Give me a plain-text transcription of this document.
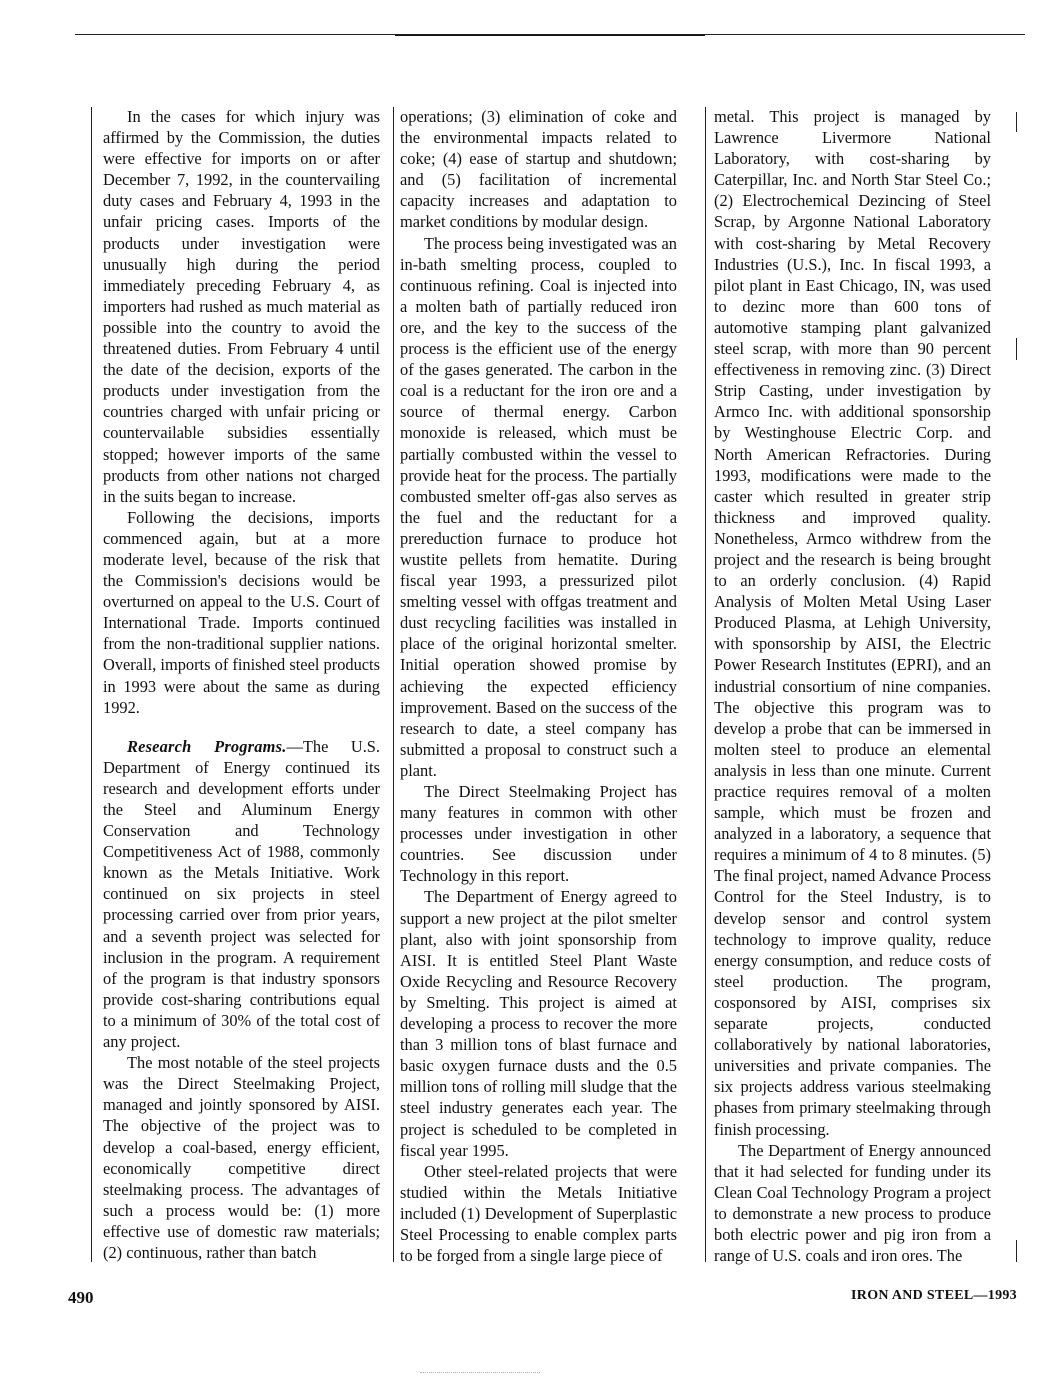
In the cases for which injury was affirmed by the Commission, the duties were effective for imports on or after December 7, 1992, in the countervailing duty cases and February 4, 1993 in the unfair pricing cases. Imports of the products under investigation were unusually high during the period immediately preceding February 4, as importers had rushed as much material as possible into the country to avoid the threatened duties. From February 4 until the date of the decision, exports of the products under investigation from the countries charged with unfair pricing or countervailable subsidies essentially stopped; however imports of the same products from other nations not charged in the suits began to increase.

Following the decisions, imports commenced again, but at a more moderate level, because of the risk that the Commission's decisions would be overturned on appeal to the U.S. Court of International Trade. Imports continued from the non-traditional supplier nations. Overall, imports of finished steel products in 1993 were about the same as during 1992.

Research Programs.—The U.S. Department of Energy continued its research and development efforts under the Steel and Aluminum Energy Conservation and Technology Competitiveness Act of 1988, commonly known as the Metals Initiative. Work continued on six projects in steel processing carried over from prior years, and a seventh project was selected for inclusion in the program. A requirement of the program is that industry sponsors provide cost-sharing contributions equal to a minimum of 30% of the total cost of any project.

The most notable of the steel projects was the Direct Steelmaking Project, managed and jointly sponsored by AISI. The objective of the project was to develop a coal-based, energy efficient, economically competitive direct steelmaking process. The advantages of such a process would be: (1) more effective use of domestic raw materials; (2) continuous, rather than batch

operations; (3) elimination of coke and the environmental impacts related to coke; (4) ease of startup and shutdown; and (5) facilitation of incremental capacity increases and adaptation to market conditions by modular design.

The process being investigated was an in-bath smelting process, coupled to continuous refining. Coal is injected into a molten bath of partially reduced iron ore, and the key to the success of the process is the efficient use of the energy of the gases generated. The carbon in the coal is a reductant for the iron ore and a source of thermal energy. Carbon monoxide is released, which must be partially combusted within the vessel to provide heat for the process. The partially combusted smelter off-gas also serves as the fuel and the reductant for a prereduction furnace to produce hot wustite pellets from hematite. During fiscal year 1993, a pressurized pilot smelting vessel with offgas treatment and dust recycling facilities was installed in place of the original horizontal smelter. Initial operation showed promise by achieving the expected efficiency improvement. Based on the success of the research to date, a steel company has submitted a proposal to construct such a plant.

The Direct Steelmaking Project has many features in common with other processes under investigation in other countries. See discussion under Technology in this report.

The Department of Energy agreed to support a new project at the pilot smelter plant, also with joint sponsorship from AISI. It is entitled Steel Plant Waste Oxide Recycling and Resource Recovery by Smelting. This project is aimed at developing a process to recover the more than 3 million tons of blast furnace and basic oxygen furnace dusts and the 0.5 million tons of rolling mill sludge that the steel industry generates each year. The project is scheduled to be completed in fiscal year 1995.

Other steel-related projects that were studied within the Metals Initiative included (1) Development of Superplastic Steel Processing to enable complex parts to be forged from a single large piece of

metal. This project is managed by Lawrence Livermore National Laboratory, with cost-sharing by Caterpillar, Inc. and North Star Steel Co.; (2) Electrochemical Dezincing of Steel Scrap, by Argonne National Laboratory with cost-sharing by Metal Recovery Industries (U.S.), Inc. In fiscal 1993, a pilot plant in East Chicago, IN, was used to dezinc more than 600 tons of automotive stamping plant galvanized steel scrap, with more than 90 percent effectiveness in removing zinc. (3) Direct Strip Casting, under investigation by Armco Inc. with additional sponsorship by Westinghouse Electric Corp. and North American Refractories. During 1993, modifications were made to the caster which resulted in greater strip thickness and improved quality. Nonetheless, Armco withdrew from the project and the research is being brought to an orderly conclusion. (4) Rapid Analysis of Molten Metal Using Laser Produced Plasma, at Lehigh University, with sponsorship by AISI, the Electric Power Research Institutes (EPRI), and an industrial consortium of nine companies. The objective this program was to develop a probe that can be immersed in molten steel to produce an elemental analysis in less than one minute. Current practice requires removal of a molten sample, which must be frozen and analyzed in a laboratory, a sequence that requires a minimum of 4 to 8 minutes. (5) The final project, named Advance Process Control for the Steel Industry, is to develop sensor and control system technology to improve quality, reduce energy consumption, and reduce costs of steel production. The program, cosponsored by AISI, comprises six separate projects, conducted collaboratively by national laboratories, universities and private companies. The six projects address various steelmaking phases from primary steelmaking through finish processing.

The Department of Energy announced that it had selected for funding under its Clean Coal Technology Program a project to demonstrate a new process to produce both electric power and pig iron from a range of U.S. coals and iron ores. The

490	IRON AND STEEL—1993
